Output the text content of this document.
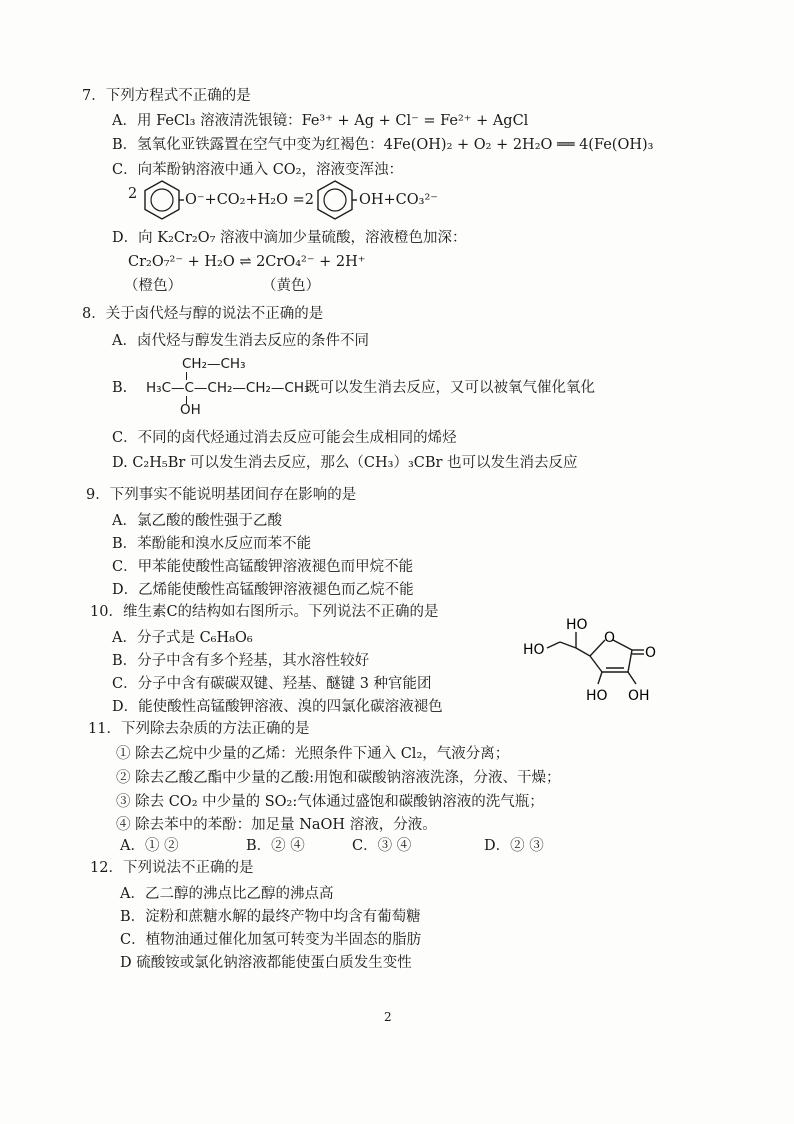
7．下列方程式不正确的是
A．用 FeCl₃ 溶液清洗银镜：Fe³⁺ + Ag + Cl⁻ = Fe²⁺ + AgCl
B．氢氧化亚铁露置在空气中变为红褐色：4Fe(OH)₂ + O₂ + 2H₂O ══ 4(Fe(OH)₃
C．向苯酚钠溶液中通入 CO₂，溶液变浑浊：
2	O⁻+CO₂+H₂O =2	OH+CO₃²⁻
D．向 K₂Cr₂O₇ 溶液中滴加少量硫酸，溶液橙色加深：
Cr₂O₇²⁻ + H₂O ⇌ 2CrO₄²⁻ + 2H⁺
（橙色）	（黄色）
8．关于卤代烃与醇的说法不正确的是
A．卤代烃与醇发生消去反应的条件不同
B.
CH₂—CH₃
H₃C—C—CH₂—CH₂—CH₃
OH
既可以发生消去反应，又可以被氧气催化氧化
C．不同的卤代烃通过消去反应可能会生成相同的烯烃
D. C₂H₅Br 可以发生消去反应，那么（CH₃）₃CBr 也可以发生消去反应
9．下列事实不能说明基团间存在影响的是
A．氯乙酸的酸性强于乙酸
B．苯酚能和溴水反应而苯不能
C．甲苯能使酸性高锰酸钾溶液褪色而甲烷不能
D．乙烯能使酸性高锰酸钾溶液褪色而乙烷不能
10．维生素C的结构如右图所示。下列说法不正确的是
A．分子式是 C₆H₈O₆
B．分子中含有多个羟基，其水溶性较好
C．分子中含有碳碳双键、羟基、醚键 3 种官能团
D．能使酸性高锰酸钾溶液、溴的四氯化碳溶液褪色
HO
HO
O
O
HO OH
11．下列除去杂质的方法正确的是
① 除去乙烷中少量的乙烯：光照条件下通入 Cl₂，气液分离；
② 除去乙酸乙酯中少量的乙酸:用饱和碳酸钠溶液洗涤，分液、干燥；
③ 除去 CO₂ 中少量的 SO₂:气体通过盛饱和碳酸钠溶液的洗气瓶；
④ 除去苯中的苯酚：加足量 NaOH 溶液，分液。
A．① ②	B．② ④	C．③ ④	D．② ③
12．下列说法不正确的是
A．乙二醇的沸点比乙醇的沸点高
B．淀粉和蔗糖水解的最终产物中均含有葡萄糖
C．植物油通过催化加氢可转变为半固态的脂肪
D 硫酸铵或氯化钠溶液都能使蛋白质发生变性
2
